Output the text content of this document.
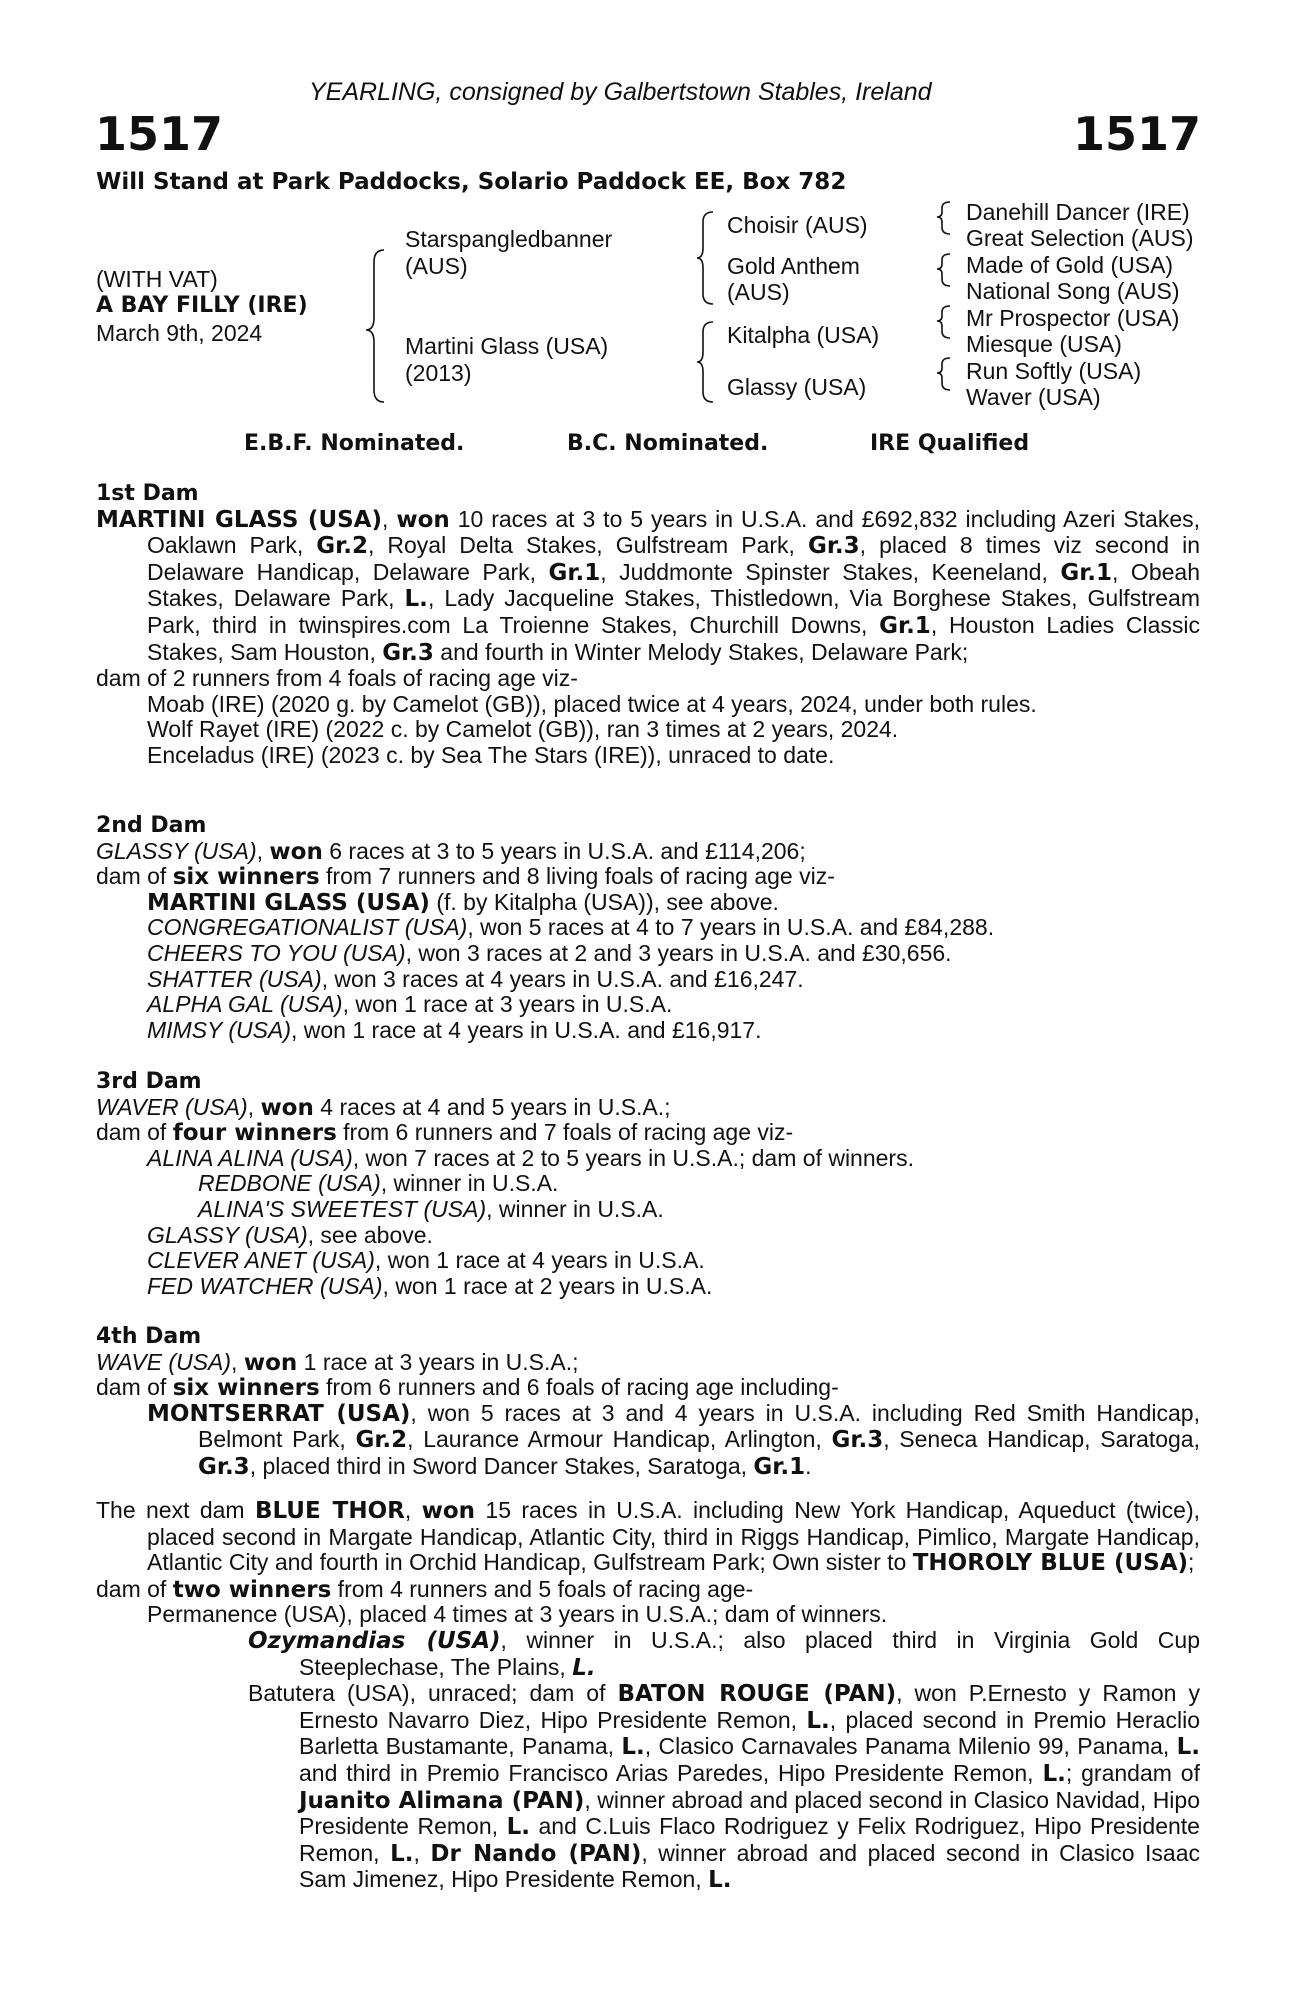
YEARLING, consigned by Galbertstown Stables, Ireland
1517	1517
Will Stand at Park Paddocks, Solario Paddock EE, Box 782
(WITH VAT)
A BAY FILLY (IRE)
March 9th, 2024
Starspangledbanner
(AUS)
Martini Glass (USA)
(2013)
Choisir (AUS)
Gold Anthem
(AUS)
Kitalpha (USA)
Glassy (USA)
Danehill Dancer (IRE)
Great Selection (AUS)
Made of Gold (USA)
National Song (AUS)
Mr Prospector (USA)
Miesque (USA)
Run Softly (USA)
Waver (USA)
E.B.F. Nominated.	B.C. Nominated.	IRE Qualified
1st Dam
MARTINI GLASS (USA), won 10 races at 3 to 5 years in U.S.A. and £692,832 including Azeri Stakes, Oaklawn Park, Gr.2, Royal Delta Stakes, Gulfstream Park, Gr.3, placed 8 times viz second in Delaware Handicap, Delaware Park, Gr.1, Juddmonte Spinster Stakes, Keeneland, Gr.1, Obeah Stakes, Delaware Park, L., Lady Jacqueline Stakes, Thistledown, Via Borghese Stakes, Gulfstream Park, third in twinspires.com La Troienne Stakes, Churchill Downs, Gr.1, Houston Ladies Classic Stakes, Sam Houston, Gr.3 and fourth in Winter Melody Stakes, Delaware Park;
dam of 2 runners from 4 foals of racing age viz-
Moab (IRE) (2020 g. by Camelot (GB)), placed twice at 4 years, 2024, under both rules.
Wolf Rayet (IRE) (2022 c. by Camelot (GB)), ran 3 times at 2 years, 2024.
Enceladus (IRE) (2023 c. by Sea The Stars (IRE)), unraced to date.
2nd Dam
GLASSY (USA), won 6 races at 3 to 5 years in U.S.A. and £114,206;
dam of six winners from 7 runners and 8 living foals of racing age viz-
MARTINI GLASS (USA) (f. by Kitalpha (USA)), see above.
CONGREGATIONALIST (USA), won 5 races at 4 to 7 years in U.S.A. and £84,288.
CHEERS TO YOU (USA), won 3 races at 2 and 3 years in U.S.A. and £30,656.
SHATTER (USA), won 3 races at 4 years in U.S.A. and £16,247.
ALPHA GAL (USA), won 1 race at 3 years in U.S.A.
MIMSY (USA), won 1 race at 4 years in U.S.A. and £16,917.
3rd Dam
WAVER (USA), won 4 races at 4 and 5 years in U.S.A.;
dam of four winners from 6 runners and 7 foals of racing age viz-
ALINA ALINA (USA), won 7 races at 2 to 5 years in U.S.A.; dam of winners.
REDBONE (USA), winner in U.S.A.
ALINA'S SWEETEST (USA), winner in U.S.A.
GLASSY (USA), see above.
CLEVER ANET (USA), won 1 race at 4 years in U.S.A.
FED WATCHER (USA), won 1 race at 2 years in U.S.A.
4th Dam
WAVE (USA), won 1 race at 3 years in U.S.A.;
dam of six winners from 6 runners and 6 foals of racing age including-
MONTSERRAT (USA), won 5 races at 3 and 4 years in U.S.A. including Red Smith Handicap, Belmont Park, Gr.2, Laurance Armour Handicap, Arlington, Gr.3, Seneca Handicap, Saratoga, Gr.3, placed third in Sword Dancer Stakes, Saratoga, Gr.1.
The next dam BLUE THOR, won 15 races in U.S.A. including New York Handicap, Aqueduct (twice), placed second in Margate Handicap, Atlantic City, third in Riggs Handicap, Pimlico, Margate Handicap, Atlantic City and fourth in Orchid Handicap, Gulfstream Park; Own sister to THOROLY BLUE (USA);
dam of two winners from 4 runners and 5 foals of racing age-
Permanence (USA), placed 4 times at 3 years in U.S.A.; dam of winners.
Ozymandias (USA), winner in U.S.A.; also placed third in Virginia Gold Cup Steeplechase, The Plains, L.
Batutera (USA), unraced; dam of BATON ROUGE (PAN), won P.Ernesto y Ramon y Ernesto Navarro Diez, Hipo Presidente Remon, L., placed second in Premio Heraclio Barletta Bustamante, Panama, L., Clasico Carnavales Panama Milenio 99, Panama, L. and third in Premio Francisco Arias Paredes, Hipo Presidente Remon, L.; grandam of Juanito Alimana (PAN), winner abroad and placed second in Clasico Navidad, Hipo Presidente Remon, L. and C.Luis Flaco Rodriguez y Felix Rodriguez, Hipo Presidente Remon, L., Dr Nando (PAN), winner abroad and placed second in Clasico Isaac Sam Jimenez, Hipo Presidente Remon, L.
